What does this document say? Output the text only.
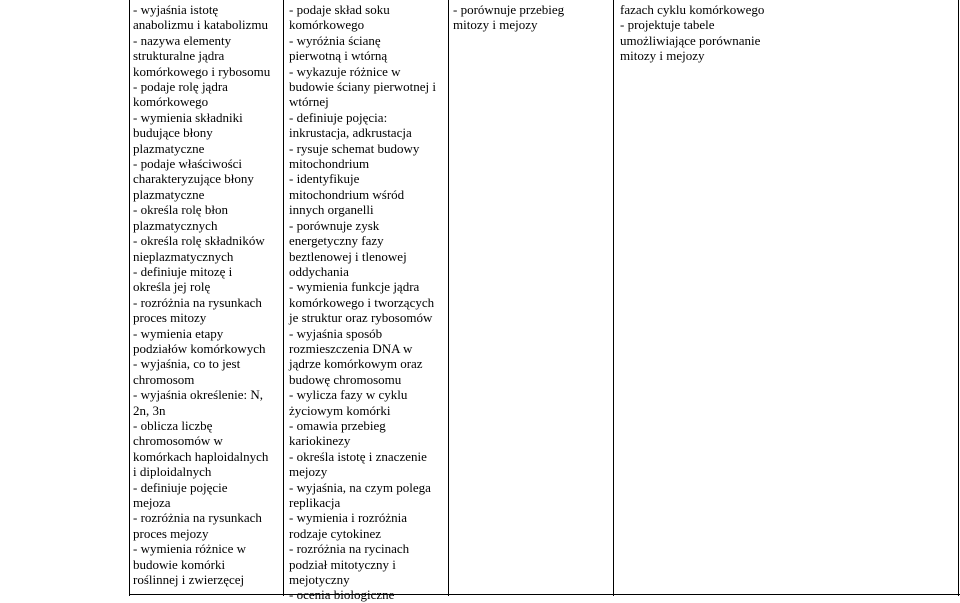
- wyjaśnia istotę
anabolizmu i katabolizmu
- nazywa elementy
strukturalne jądra
komórkowego i rybosomu
- podaje rolę jądra
komórkowego
- wymienia składniki
budujące błony
plazmatyczne
- podaje właściwości
charakteryzujące błony
plazmatyczne
- określa rolę błon
plazmatycznych
- określa rolę składników
nieplazmatycznych
- definiuje mitozę i
określa jej rolę
- rozróżnia na rysunkach
proces mitozy
- wymienia etapy
podziałów komórkowych
- wyjaśnia, co to jest
chromosom
- wyjaśnia określenie: N,
2n, 3n
- oblicza liczbę
chromosomów w
komórkach haploidalnych
i diploidalnych
- definiuje pojęcie
mejoza
- rozróżnia na rysunkach
proces mejozy
- wymienia różnice w
budowie komórki
roślinnej i zwierzęcej
- podaje skład soku
komórkowego
- wyróżnia ścianę
pierwotną i wtórną
- wykazuje różnice w
budowie ściany pierwotnej i
wtórnej
- definiuje pojęcia:
inkrustacja, adkrustacja
- rysuje schemat budowy
mitochondrium
- identyfikuje
mitochondrium wśród
innych organelli
- porównuje zysk
energetyczny fazy
beztlenowej i tlenowej
oddychania
- wymienia funkcje jądra
komórkowego i tworzących
je struktur oraz rybosomów
- wyjaśnia sposób
rozmieszczenia DNA w
jądrze komórkowym oraz
budowę chromosomu
- wylicza fazy w cyklu
życiowym komórki
- omawia przebieg
kariokinezy
- określa istotę i znaczenie
mejozy
- wyjaśnia, na czym polega
replikacja
- wymienia i rozróżnia
rodzaje cytokinez
- rozróżnia na rycinach
podział mitotyczny i
mejotyczny
- ocenia biologiczne
- porównuje przebieg
mitozy i mejozy
fazach cyklu komórkowego
- projektuje tabele
umożliwiające porównanie
mitozy i mejozy
